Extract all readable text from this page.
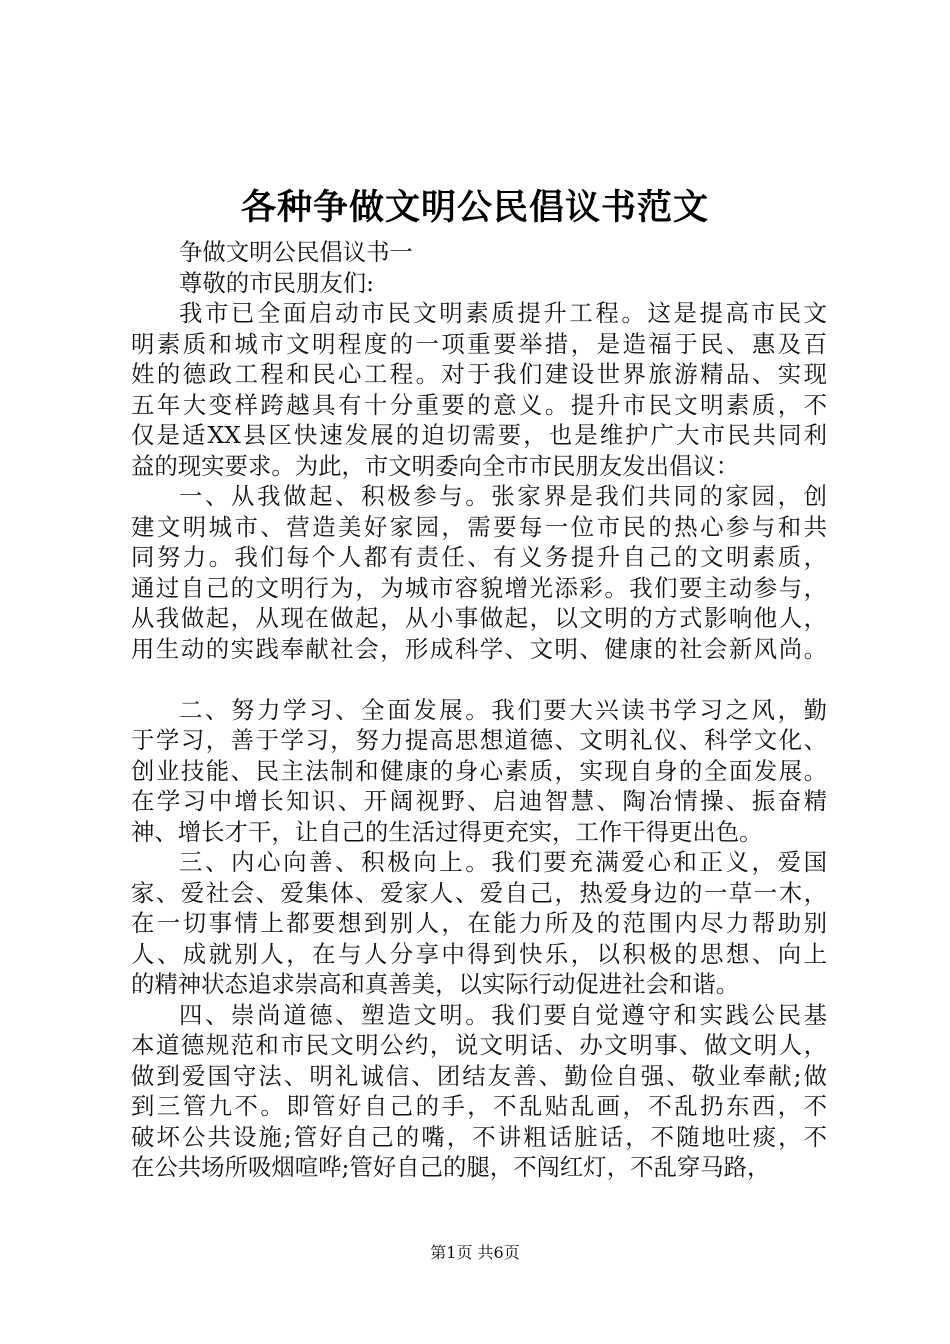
各种争做文明公民倡议书范文
争做文明公民倡议书一
尊敬的市民朋友们:
我市已全面启动市民文明素质提升工程。这是提高市民文
明素质和城市文明程度的一项重要举措，是造福于民、惠及百
姓的德政工程和民心工程。对于我们建设世界旅游精品、实现
五年大变样跨越具有十分重要的意义。提升市民文明素质，不
仅是适XX县区快速发展的迫切需要，也是维护广大市民共同利
益的现实要求。为此，市文明委向全市市民朋友发出倡议：
一、从我做起、积极参与。张家界是我们共同的家园，创
建文明城市、营造美好家园，需要每一位市民的热心参与和共
同努力。我们每个人都有责任、有义务提升自己的文明素质，
通过自己的文明行为，为城市容貌增光添彩。我们要主动参与，
从我做起，从现在做起，从小事做起，以文明的方式影响他人，
用生动的实践奉献社会，形成科学、文明、健康的社会新风尚。
二、努力学习、全面发展。我们要大兴读书学习之风，勤
于学习，善于学习，努力提高思想道德、文明礼仪、科学文化、
创业技能、民主法制和健康的身心素质，实现自身的全面发展。
在学习中增长知识、开阔视野、启迪智慧、陶冶情操、振奋精
神、增长才干，让自己的生活过得更充实，工作干得更出色。
三、内心向善、积极向上。我们要充满爱心和正义，爱国
家、爱社会、爱集体、爱家人、爱自己，热爱身边的一草一木，
在一切事情上都要想到别人，在能力所及的范围内尽力帮助别
人、成就别人，在与人分享中得到快乐，以积极的思想、向上
的精神状态追求崇高和真善美，以实际行动促进社会和谐。
四、崇尚道德、塑造文明。我们要自觉遵守和实践公民基
本道德规范和市民文明公约，说文明话、办文明事、做文明人，
做到爱国守法、明礼诚信、团结友善、勤俭自强、敬业奉献;做
到三管九不。即管好自己的手，不乱贴乱画，不乱扔东西，不
破坏公共设施;管好自己的嘴，不讲粗话脏话，不随地吐痰，不
在公共场所吸烟喧哗;管好自己的腿，不闯红灯，不乱穿马路，
第1页 共6页
